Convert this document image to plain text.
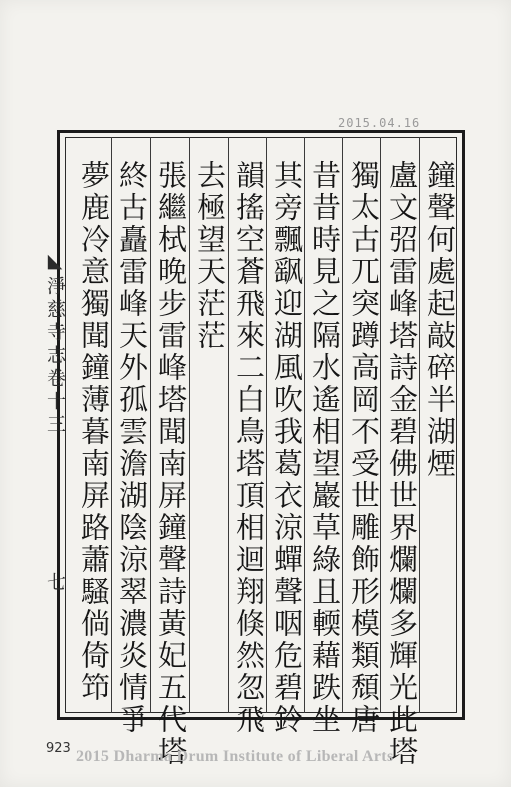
2015.04.16
鐘聲何處起敲碎半湖煙
盧文弨雷峰塔詩金碧佛世界爛爛多輝光此塔
獨太古兀突蹲高岡不受世雕飾形模類頹唐
昔昔時見之隔水遙相望巖草綠且輭藉跌坐
其旁飄飖迎湖風吹我葛衣涼蟬聲咽危碧鈴
韻搖空蒼飛來二白鳥塔頂相迴翔倏然忽飛
去極望天茫茫
張繼栻晚步雷峰塔聞南屏鐘聲詩黃妃五代塔
終古矗雷峰天外孤雲澹湖陰涼翠濃炎情爭
夢鹿冷意獨聞鐘薄暮南屏路蕭騷倘倚笻
◣淨慈寺志卷十三
七
923 2015 Dharma Drum Institute of Liberal Arts
